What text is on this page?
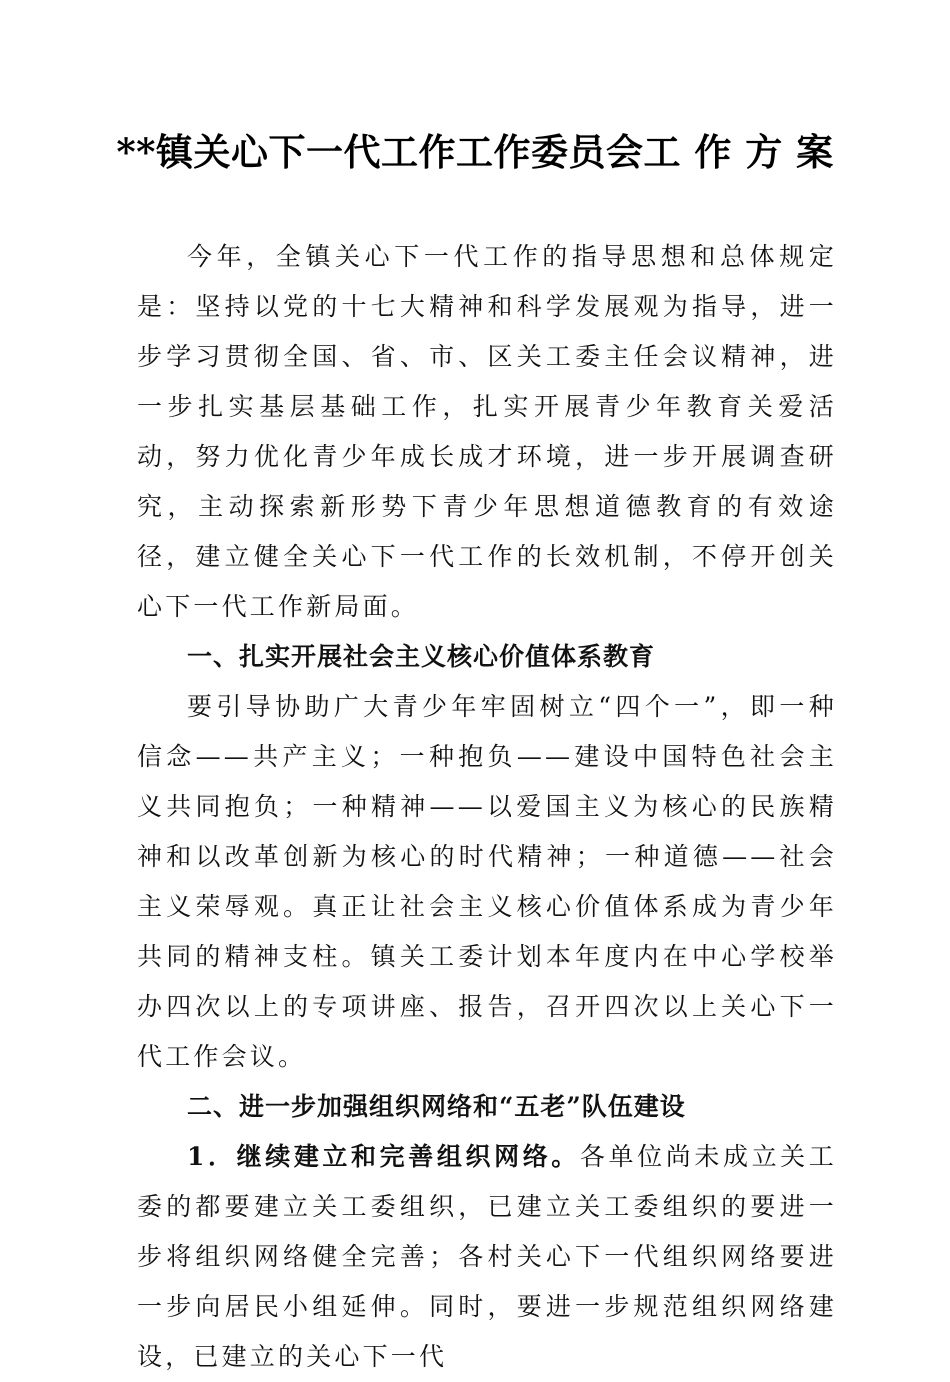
**镇关心下一代工作工作委员会工 作 方 案

今年，全镇关心下一代工作的指导思想和总体规定是：坚持以党的十七大精神和科学发展观为指导，进一步学习贯彻全国、省、市、区关工委主任会议精神，进一步扎实基层基础工作，扎实开展青少年教育关爱活动，努力优化青少年成长成才环境，进一步开展调查研究，主动探索新形势下青少年思想道德教育的有效途径，建立健全关心下一代工作的长效机制，不停开创关心下一代工作新局面。

一、扎实开展社会主义核心价值体系教育

要引导协助广大青少年牢固树立“四个一”，即一种信念——共产主义；一种抱负——建设中国特色社会主义共同抱负；一种精神——以爱国主义为核心的民族精神和以改革创新为核心的时代精神；一种道德——社会主义荣辱观。真正让社会主义核心价值体系成为青少年共同的精神支柱。镇关工委计划本年度内在中心学校举办四次以上的专项讲座、报告，召开四次以上关心下一代工作会议。

二、进一步加强组织网络和“五老”队伍建设

1．继续建立和完善组织网络。各单位尚未成立关工委的都要建立关工委组织，已建立关工委组织的要进一步将组织网络健全完善；各村关心下一代组织网络要进一步向居民小组延伸。同时，要进一步规范组织网络建设，已建立的关心下一代
